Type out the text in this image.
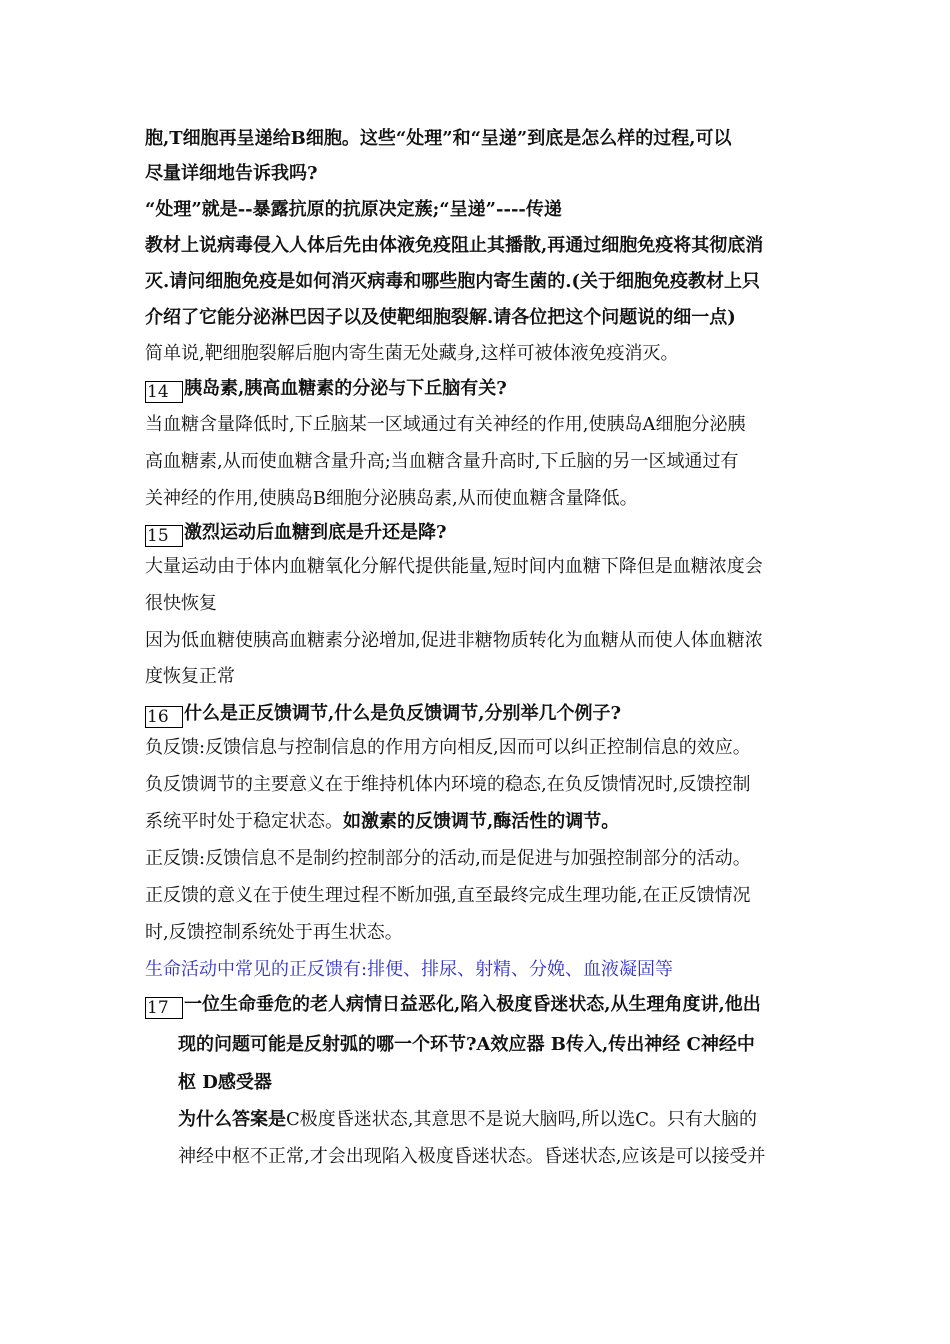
胞,T细胞再呈递给B细胞。这些“处理”和“呈递”到底是怎么样的过程,可以
尽量详细地告诉我吗?
“处理”就是--暴露抗原的抗原决定蔟;“呈递”----传递
教材上说病毒侵入人体后先由体液免疫阻止其播散,再通过细胞免疫将其彻底消
灭.请问细胞免疫是如何消灭病毒和哪些胞内寄生菌的.(关于细胞免疫教材上只
介绍了它能分泌淋巴因子以及使靶细胞裂解.请各位把这个问题说的细一点)
简单说,靶细胞裂解后胞内寄生菌无处藏身,这样可被体液免疫消灭。
14 胰岛素,胰高血糖素的分泌与下丘脑有关?
当血糖含量降低时,下丘脑某一区域通过有关神经的作用,使胰岛A细胞分泌胰
高血糖素,从而使血糖含量升高;当血糖含量升高时,下丘脑的另一区域通过有
关神经的作用,使胰岛B细胞分泌胰岛素,从而使血糖含量降低。
15 激烈运动后血糖到底是升还是降?
大量运动由于体内血糖氧化分解代提供能量,短时间内血糖下降但是血糖浓度会
很快恢复
因为低血糖使胰高血糖素分泌增加,促进非糖物质转化为血糖从而使人体血糖浓
度恢复正常
16 什么是正反馈调节,什么是负反馈调节,分别举几个例子?
负反馈:反馈信息与控制信息的作用方向相反,因而可以纠正控制信息的效应。
负反馈调节的主要意义在于维持机体内环境的稳态,在负反馈情况时,反馈控制
系统平时处于稳定状态。如激素的反馈调节,酶活性的调节。
正反馈:反馈信息不是制约控制部分的活动,而是促进与加强控制部分的活动。
正反馈的意义在于使生理过程不断加强,直至最终完成生理功能,在正反馈情况
时,反馈控制系统处于再生状态。
生命活动中常见的正反馈有:排便、排尿、射精、分娩、血液凝固等
17 一位生命垂危的老人病情日益恶化,陷入极度昏迷状态,从生理角度讲,他出
现的问题可能是反射弧的哪一个环节?A效应器 B传入,传出神经 C神经中
枢 D感受器
为什么答案是C极度昏迷状态,其意思不是说大脑吗,所以选C。只有大脑的
神经中枢不正常,才会出现陷入极度昏迷状态。昏迷状态,应该是可以接受并
